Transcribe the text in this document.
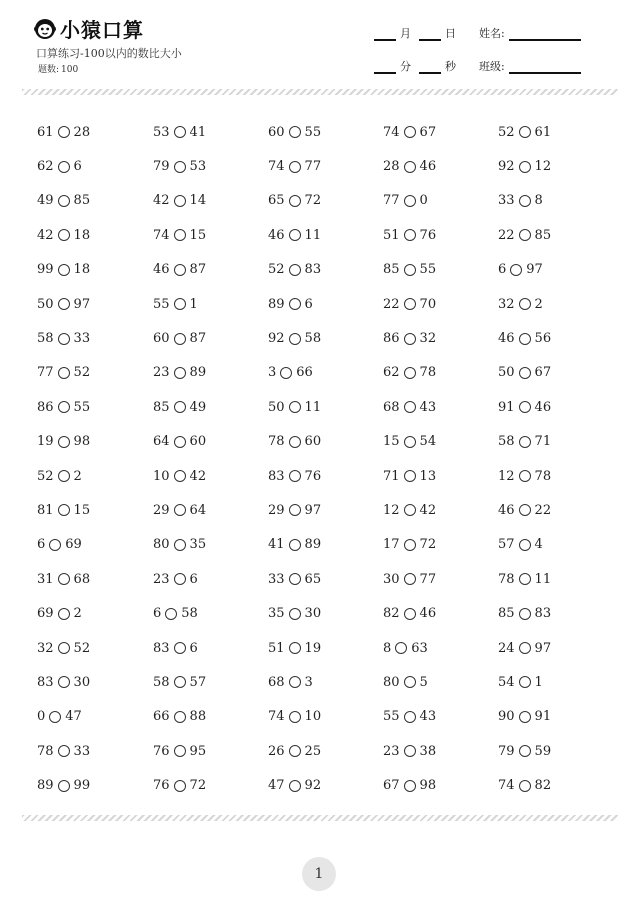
小猿口算
口算练习-100以内的数比大小
题数: 100
月	日 姓名:
分	秒 班级:
61 28	53 41	60 55	74 67	52 61
62 6	79 53	74 77	28 46	92 12
49 85	42 14	65 72	77 0	33 8
42 18	74 15	46 11	51 76	22 85
99 18	46 87	52 83	85 55	6 97
50 97	55 1	89 6	22 70	32 2
58 33	60 87	92 58	86 32	46 56
77 52	23 89	3 66	62 78	50 67
86 55	85 49	50 11	68 43	91 46
19 98	64 60	78 60	15 54	58 71
52 2	10 42	83 76	71 13	12 78
81 15	29 64	29 97	12 42	46 22
6 69	80 35	41 89	17 72	57 4
31 68	23 6	33 65	30 77	78 11
69 2	6 58	35 30	82 46	85 83
32 52	83 6	51 19	8 63	24 97
83 30	58 57	68 3	80 5	54 1
0 47	66 88	74 10	55 43	90 91
78 33	76 95	26 25	23 38	79 59
89 99	76 72	47 92	67 98	74 82
1
